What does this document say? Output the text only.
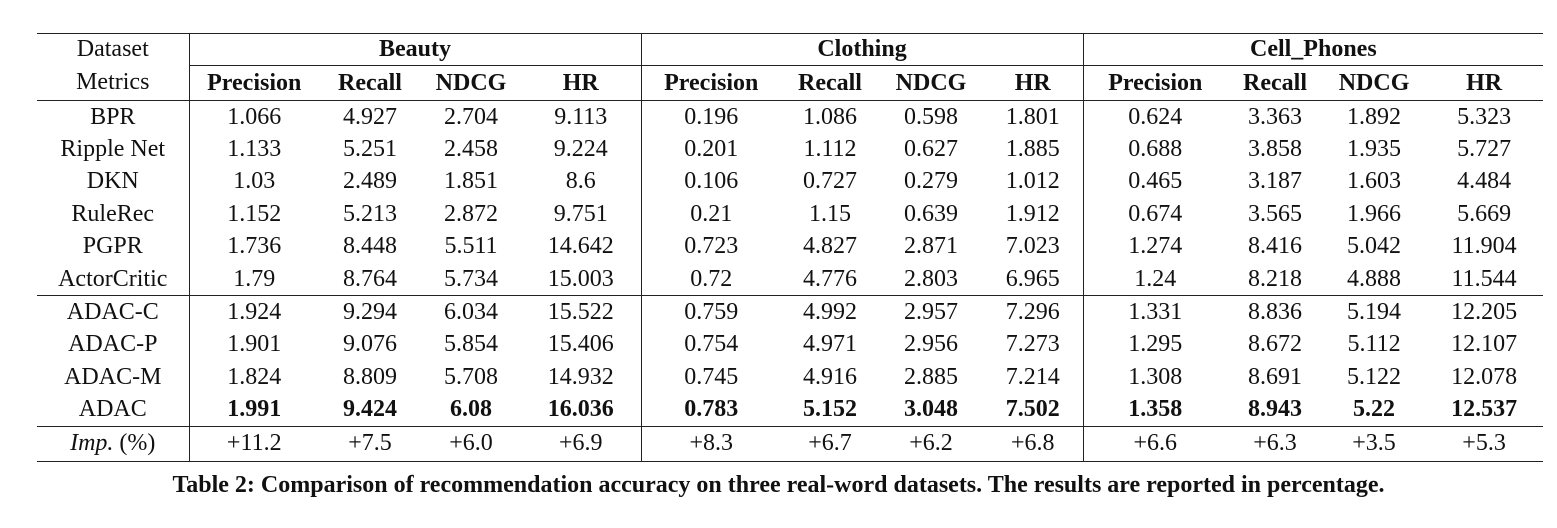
Dataset	Beauty				Clothing				Cell_Phones			
Metrics	Precision	Recall	NDCG	HR	Precision	Recall	NDCG	HR	Precision	Recall	NDCG	HR
BPR	1.066	4.927	2.704	9.113	0.196	1.086	0.598	1.801	0.624	3.363	1.892	5.323
Ripple Net	1.133	5.251	2.458	9.224	0.201	1.112	0.627	1.885	0.688	3.858	1.935	5.727
DKN	1.03	2.489	1.851	8.6	0.106	0.727	0.279	1.012	0.465	3.187	1.603	4.484
RuleRec	1.152	5.213	2.872	9.751	0.21	1.15	0.639	1.912	0.674	3.565	1.966	5.669
PGPR	1.736	8.448	5.511	14.642	0.723	4.827	2.871	7.023	1.274	8.416	5.042	11.904
ActorCritic	1.79	8.764	5.734	15.003	0.72	4.776	2.803	6.965	1.24	8.218	4.888	11.544
ADAC-C	1.924	9.294	6.034	15.522	0.759	4.992	2.957	7.296	1.331	8.836	5.194	12.205
ADAC-P	1.901	9.076	5.854	15.406	0.754	4.971	2.956	7.273	1.295	8.672	5.112	12.107
ADAC-M	1.824	8.809	5.708	14.932	0.745	4.916	2.885	7.214	1.308	8.691	5.122	12.078
ADAC	1.991	9.424	6.08	16.036	0.783	5.152	3.048	7.502	1.358	8.943	5.22	12.537
Imp. (%)	+11.2	+7.5	+6.0	+6.9	+8.3	+6.7	+6.2	+6.8	+6.6	+6.3	+3.5	+5.3
Table 2: Comparison of recommendation accuracy on three real-word datasets. The results are reported in percentage.
